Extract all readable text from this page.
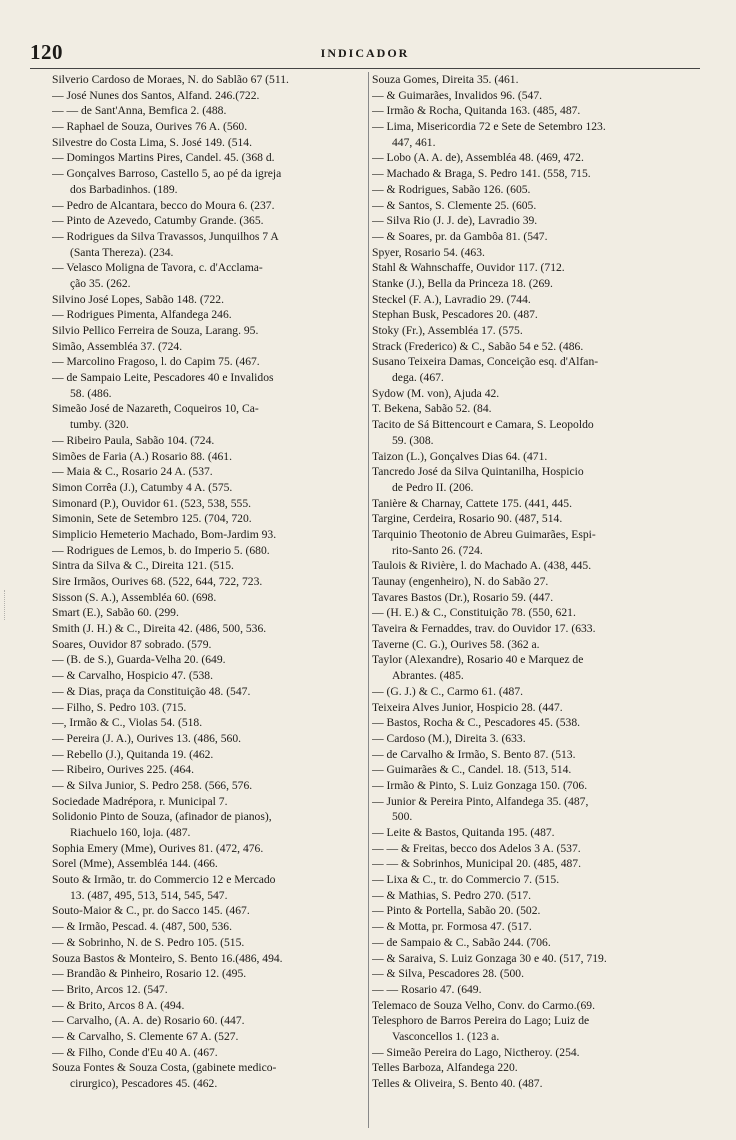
120	INDICADOR
Silverio Cardoso de Moraes, N. do Sablão 67 (511.
— José Nunes dos Santos, Alfand. 246.(722.
— — de Sant'Anna, Bemfica 2. (488.
— Raphael de Souza, Ourives 76 A. (560.
Silvestre do Costa Lima, S. José 149. (514.
— Domingos Martins Pires, Candel. 45. (368 d.
— Gonçalves Barroso, Castello 5, ao pé da igreja
dos Barbadinhos. (189.
— Pedro de Alcantara, becco do Moura 6. (237.
— Pinto de Azevedo, Catumby Grande. (365.
— Rodrigues da Silva Travassos, Junquilhos 7 A
(Santa Thereza). (234.
— Velasco Moligna de Tavora, c. d'Acclama-
ção 35. (262.
Silvino José Lopes, Sabão 148. (722.
— Rodrigues Pimenta, Alfandega 246.
Silvio Pellico Ferreira de Souza, Larang. 95.
Simão, Assembléa 37. (724.
— Marcolino Fragoso, l. do Capim 75. (467.
— de Sampaio Leite, Pescadores 40 e Invalidos
58. (486.
Simeão José de Nazareth, Coqueiros 10, Ca-
tumby. (320.
— Ribeiro Paula, Sabão 104. (724.
Simões de Faria (A.) Rosario 88. (461.
— Maia & C., Rosario 24 A. (537.
Simon Corrêa (J.), Catumby 4 A. (575.
Simonard (P.), Ouvidor 61. (523, 538, 555.
Simonin, Sete de Setembro 125. (704, 720.
Simplicio Hemeterio Machado, Bom-Jardim 93.
— Rodrigues de Lemos, b. do Imperio 5. (680.
Sintra da Silva & C., Direita 121. (515.
Sire Irmãos, Ourives 68. (522, 644, 722, 723.
Sisson (S. A.), Assembléa 60. (698.
Smart (E.), Sabão 60. (299.
Smith (J. H.) & C., Direita 42. (486, 500, 536.
Soares, Ouvidor 87 sobrado. (579.
— (B. de S.), Guarda-Velha 20. (649.
— & Carvalho, Hospicio 47. (538.
— & Dias, praça da Constituição 48. (547.
— Filho, S. Pedro 103. (715.
—, Irmão & C., Violas 54. (518.
— Pereira (J. A.), Ourives 13. (486, 560.
— Rebello (J.), Quitanda 19. (462.
— Ribeiro, Ourives 225. (464.
— & Silva Junior, S. Pedro 258. (566, 576.
Sociedade Madrépora, r. Municipal 7.
Solidonio Pinto de Souza, (afinador de pianos),
Riachuelo 160, loja. (487.
Sophia Emery (Mme), Ourives 81. (472, 476.
Sorel (Mme), Assembléa 144. (466.
Souto & Irmão, tr. do Commercio 12 e Mercado
13. (487, 495, 513, 514, 545, 547.
Souto-Maior & C., pr. do Sacco 145. (467.
— & Irmão, Pescad. 4. (487, 500, 536.
— & Sobrinho, N. de S. Pedro 105. (515.
Souza Bastos & Monteiro, S. Bento 16.(486, 494.
— Brandão & Pinheiro, Rosario 12. (495.
— Brito, Arcos 12. (547.
— & Brito, Arcos 8 A. (494.
— Carvalho, (A. A. de) Rosario 60. (447.
— & Carvalho, S. Clemente 67 A. (527.
— & Filho, Conde d'Eu 40 A. (467.
Souza Fontes & Souza Costa, (gabinete medico-
cirurgico), Pescadores 45. (462.
Souza Gomes, Direita 35. (461.
— & Guimarães, Invalidos 96. (547.
— Irmão & Rocha, Quitanda 163. (485, 487.
— Lima, Misericordia 72 e Sete de Setembro 123.
447, 461.
— Lobo (A. A. de), Assembléa 48. (469, 472.
— Machado & Braga, S. Pedro 141. (558, 715.
— & Rodrigues, Sabão 126. (605.
— & Santos, S. Clemente 25. (605.
— Silva Rio (J. J. de), Lavradio 39.
— & Soares, pr. da Gambôa 81. (547.
Spyer, Rosario 54. (463.
Stahl & Wahnschaffe, Ouvidor 117. (712.
Stanke (J.), Bella da Princeza 18. (269.
Steckel (F. A.), Lavradio 29. (744.
Stephan Busk, Pescadores 20. (487.
Stoky (Fr.), Assembléa 17. (575.
Strack (Frederico) & C., Sabão 54 e 52. (486.
Susano Teixeira Damas, Conceição esq. d'Alfan-
dega. (467.
Sydow (M. von), Ajuda 42.
T. Bekena, Sabão 52. (84.
Tacito de Sá Bittencourt e Camara, S. Leopoldo
59. (308.
Taizon (L.), Gonçalves Dias 64. (471.
Tancredo José da Silva Quintanilha, Hospicio
de Pedro II. (206.
Tanière & Charnay, Cattete 175. (441, 445.
Targine, Cerdeira, Rosario 90. (487, 514.
Tarquinio Theotonio de Abreu Guimarães, Espi-
rito-Santo 26. (724.
Taulois & Rivière, l. do Machado A. (438, 445.
Taunay (engenheiro), N. do Sabão 27.
Tavares Bastos (Dr.), Rosario 59. (447.
— (H. E.) & C., Constituição 78. (550, 621.
Taveira & Fernaddes, trav. do Ouvidor 17. (633.
Taverne (C. G.), Ourives 58. (362 a.
Taylor (Alexandre), Rosario 40 e Marquez de
Abrantes. (485.
— (G. J.) & C., Carmo 61. (487.
Teixeira Alves Junior, Hospicio 28. (447.
— Bastos, Rocha & C., Pescadores 45. (538.
— Cardoso (M.), Direita 3. (633.
— de Carvalho & Irmão, S. Bento 87. (513.
— Guimarães & C., Candel. 18. (513, 514.
— Irmão & Pinto, S. Luiz Gonzaga 150. (706.
— Junior & Pereira Pinto, Alfandega 35. (487,
500.
— Leite & Bastos, Quitanda 195. (487.
— — & Freitas, becco dos Adelos 3 A. (537.
— — & Sobrinhos, Municipal 20. (485, 487.
— Lixa & C., tr. do Commercio 7. (515.
— & Mathias, S. Pedro 270. (517.
— Pinto & Portella, Sabão 20. (502.
— & Motta, pr. Formosa 47. (517.
— de Sampaio & C., Sabão 244. (706.
— & Saraiva, S. Luiz Gonzaga 30 e 40. (517, 719.
— & Silva, Pescadores 28. (500.
— — Rosario 47. (649.
Telemaco de Souza Velho, Conv. do Carmo.(69.
Telesphoro de Barros Pereira do Lago; Luiz de
Vasconcellos 1. (123 a.
— Simeão Pereira do Lago, Nictheroy. (254.
Telles Barboza, Alfandega 220.
Telles & Oliveira, S. Bento 40. (487.
